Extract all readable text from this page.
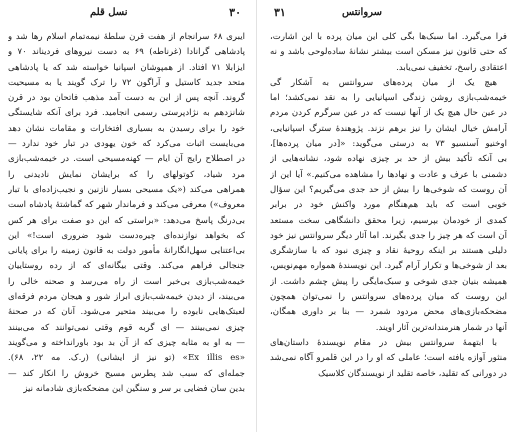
۳۰
نسل قلم
ایبری ۶۸ سرانجام از هفت قرن سلطهٔ نیمه‌تمام اسلام رها شد و
پادشاهی گرانادا (غرناطه) ۶۹ به دست نیروهای فردیناند ۷۰ و
ایزابلا ۷۱ افتاد. از همپوشان اسپانیا خواسته شد که یا پادشاهی
متحد جدید کاستیل و آراگون ۷۲ را ترک گویند یا به مسیحیت
گروند. آنچه پس از این به دست آمد مذهب فاتحان بود در قرن
شانزدهم به نژادپرستی رسمی انجامید. فرد برای آنکه شایستگی
خود را برای رسیدن به بسیاری افتخارات و مقامات نشان دهد
می‌بایست اثبات می‌کرد که خون یهودی در تبار خود ندارد —
در اصطلاح رایج آن ایام — کهنه‌مسیحی است. در خیمه‌شب‌بازی
مرد شیاد، کوتولهای را که برایشان نمایش نادیدنی را
همراهی می‌کند («یک مسیحی بسیار نازنین و نجیب‌زاده‌ای با تبار
معروف») معرفی می‌کند و فرماندار شهر که گماشتهٔ پادشاه است
بی‌درنگ پاسخ می‌دهد: «براستی که این دو صفت برای هر کس
که بخواهد نوازنده‌ای چیره‌دست شود ضروری است!» این
بی‌اعتنایی سهل‌انگارانهٔ مأمور دولت به قانون زمینه را برای پایانی
جنجالی فراهم می‌کند. وقتی بیگانه‌ای که از رده روستاییان
خیمه‌شب‌بازی بی‌خبر است از راه می‌رسد و صحنه خالی را
می‌بیند، از دیدن خیمه‌شب‌بازی ابراز شور و هیجان مردم فرقه‌ای
لعبتک‌هایی نابوده را می‌بیند متحیر می‌شود. آنان که در صحنهٔ
چیزی نمی‌بینند — ای گربه قوم وقتی نمی‌توانند که می‌بینند
— به او به مثابه چیزی که از آن بد بود باورانداخته و می‌گویند
«Ex illis es» (تو نیز از ایشانی) (ر.ک. مه ۲۲، ۶۸).
جمله‌ای که سبب شد پطرس مسیح خروش را انکار کند —
بدین سان فضایی بر سر و سنگین این مضحکه‌بازی شادمانه نیز
۳۱	سروانتس
فرا می‌گیرد. اما سبک‌ها بگی کلی این میان پرده با این اشارت،
که حتی قانون نیز مسکن است بیشتر نشانهٔ ساده‌لوحی باشد و نه
اعتقادی راسخ، تخفیف نمی‌یابد.
هیچ یک از میان پرده‌های سروانتس به آشکار گی
خیمه‌شب‌بازی روشن زندگی اسپانیایی را به نقد نمی‌کشد؛ اما
در عین حال هیچ یک از آنها نیست که در عین سرگرم کردن مردم
آرامش خیال ایشان را نیز برهم نزند. پژوهندهٔ سترگ اسپانیایی،
اوخنیو آسنسیو ۷۳ به درستی می‌گوید: «[در میان پرده‌ها]،
بی آنکه تأکید بیش از حد بر چیزی نهاده شود، نشانه‌هایی از
دشمنی با عرف و عادت و نهادها را مشاهده می‌کنیم.» آیا این از
آن روست که شوخی‌ها را بیش از حد جدی می‌گیریم؟ این سؤال
خوبی است که باید هم‌هنگام مورد واکنش خود در برابر
کمدی از خودمان بپرسیم، زیرا محقق دانشگاهی سخت مستعد
آن است که هر چیز را جدی بگیرند. اما آثار دیگر سروانتس نیز خود
دلیلی هستند بر اینکه روحیهٔ نقاد و چیزی نبود که با سازشگری
بعد از شوخی‌ها و تکرار آرام گیرد. این نویسندهٔ همواره مهم‌نویس،
همیشه بنیان جدی شوخی و سبک‌مایگی را پیش چشم داشت. از
این روست که میان پرده‌های سروانتس را نمی‌توان همچون
مضحکه‌بازی‌های محض مردود شمرد — بنا بر داوری همگان،
آنها در شمار هنرمندانه‌ترین آثار اویند.
با ابتهمهٔ سروانتس بیش در مقام نویسندهٔ داستان‌های
منثور آوازه یافته است؛ عاملی که او را در این قلمرو آگاه نمی‌شد
در دورانی که تقلید، خاصه تقلید از نویسندگان کلاسیک
